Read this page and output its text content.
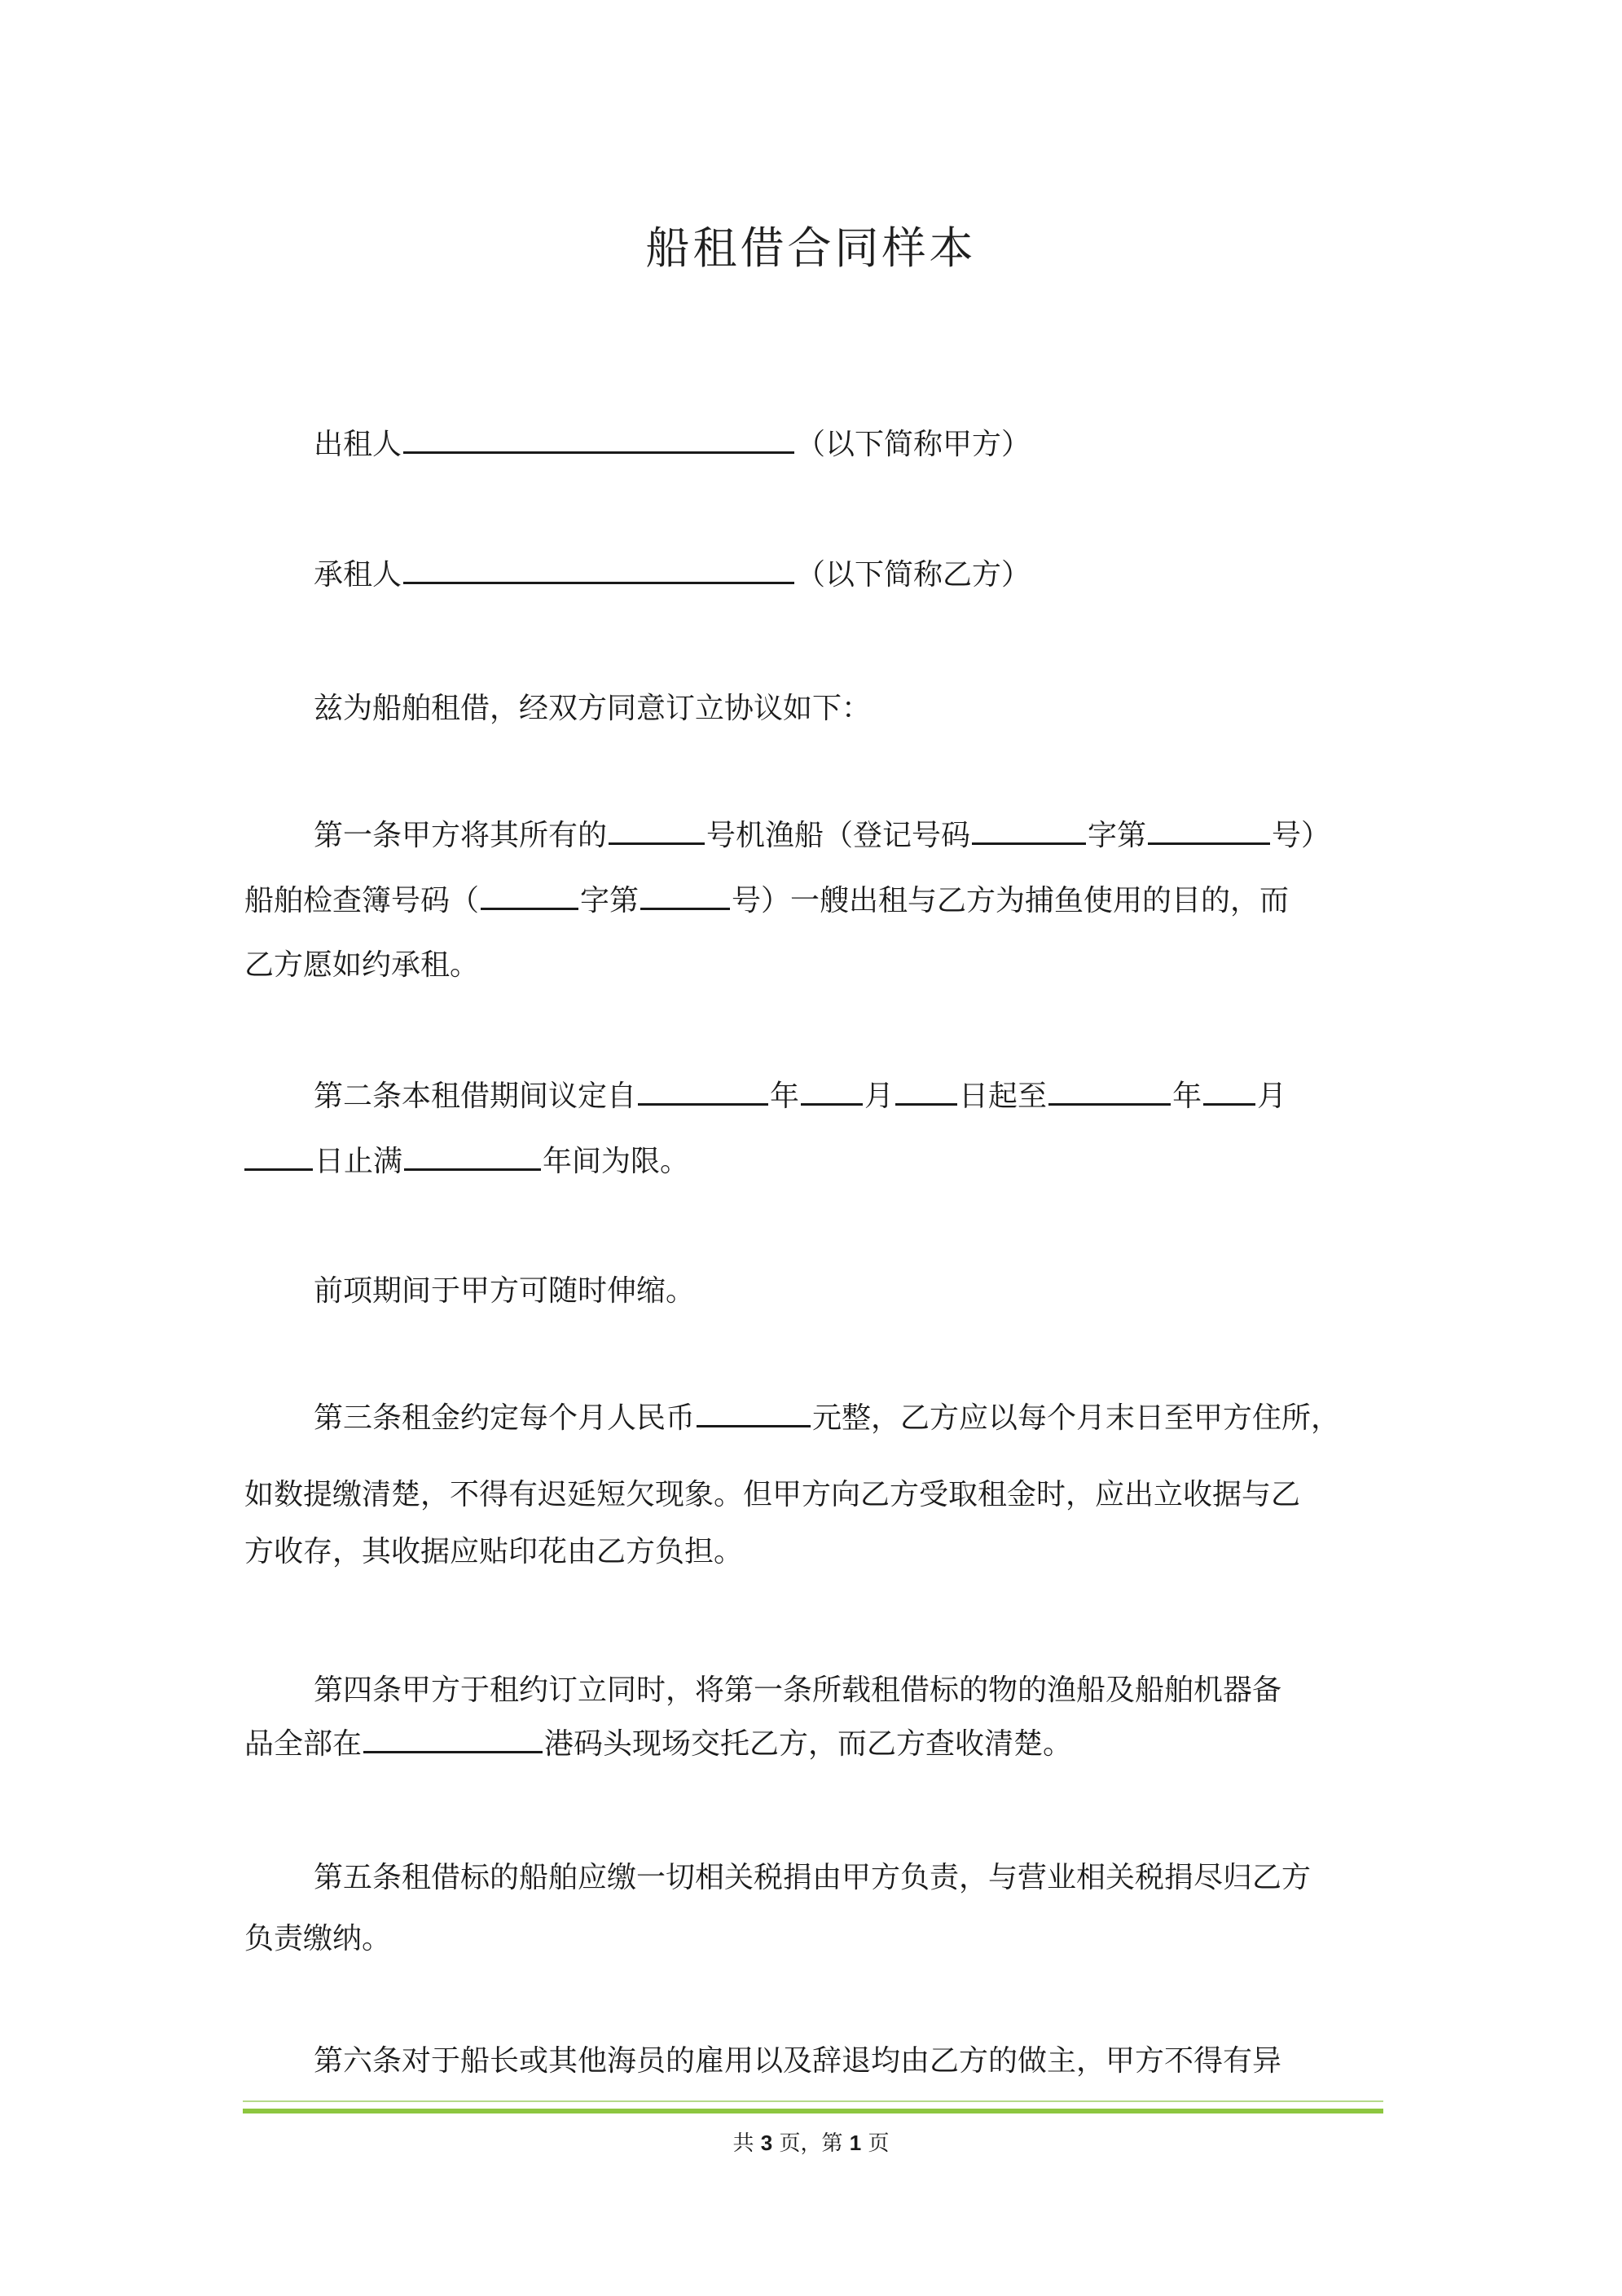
船租借合同样本
出租人	（以下简称甲方）
承租人	（以下简称乙方）
兹为船舶租借，经双方同意订立协议如下：
第一条甲方将其所有的	号机渔船（登记号码	字第	号）
船舶检查簿号码（	字第	号）一艘出租与乙方为捕鱼使用的目的，而
乙方愿如约承租。
第二条本租借期间议定自	年 月 日起至	年 月
日止满	年间为限。
前项期间于甲方可随时伸缩。
第三条租金约定每个月人民币	元整，乙方应以每个月末日至甲方住所，
如数提缴清楚，不得有迟延短欠现象。但甲方向乙方受取租金时，应出立收据与乙
方收存，其收据应贴印花由乙方负担。
第四条甲方于租约订立同时，将第一条所载租借标的物的渔船及船舶机器备
品全部在	港码头现场交托乙方，而乙方查收清楚。
第五条租借标的船舶应缴一切相关税捐由甲方负责，与营业相关税捐尽归乙方
负责缴纳。
第六条对于船长或其他海员的雇用以及辞退均由乙方的做主，甲方不得有异
共 3 页，第 1 页
